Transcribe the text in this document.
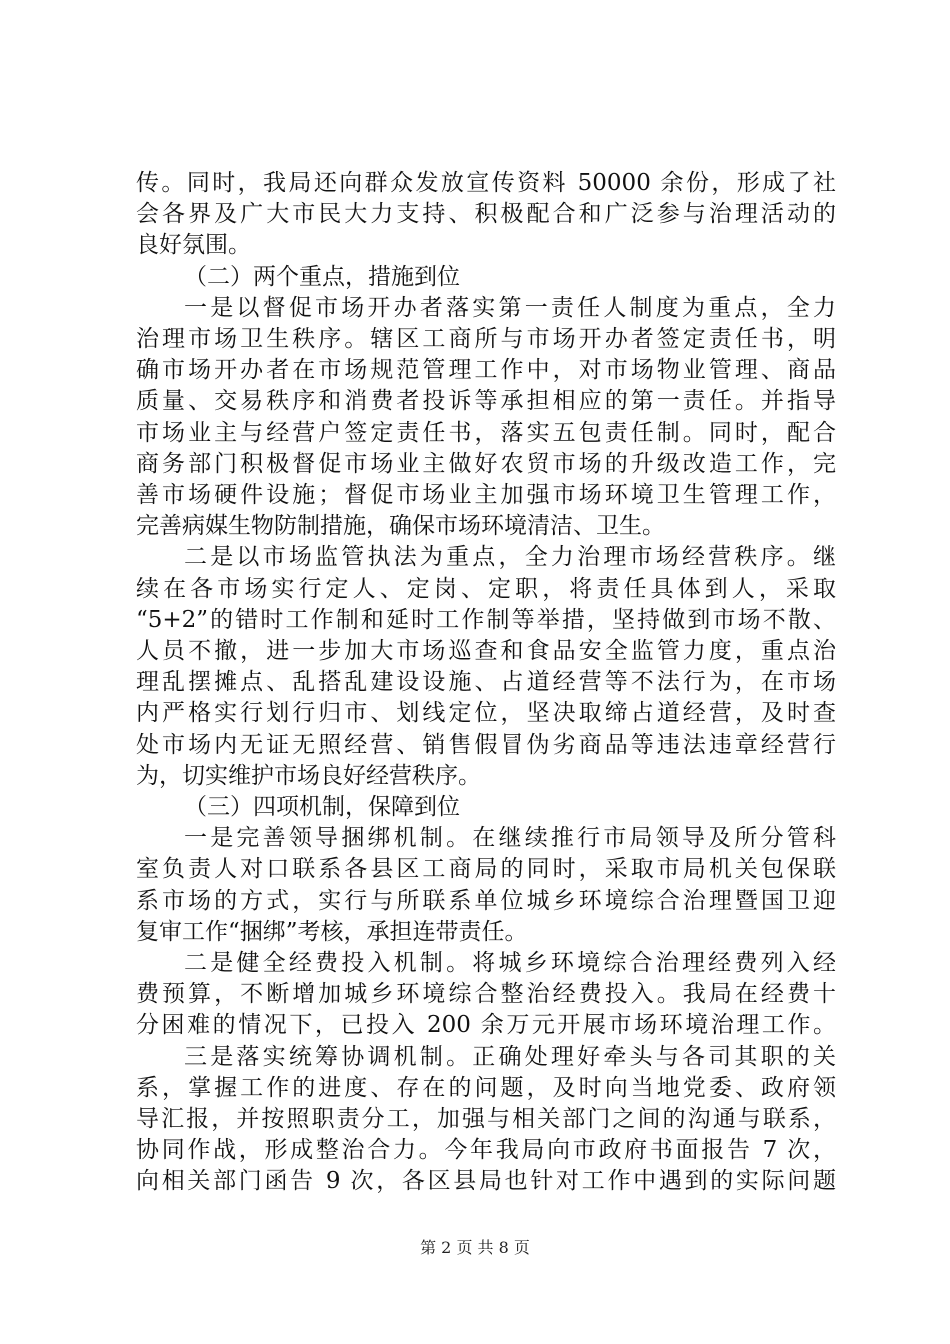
传。同时，我局还向群众发放宣传资料 50000 余份，形成了社
会各界及广大市民大力支持、积极配合和广泛参与治理活动的
良好氛围。
（二）两个重点，措施到位
一是以督促市场开办者落实第一责任人制度为重点，全力
治理市场卫生秩序。辖区工商所与市场开办者签定责任书，明
确市场开办者在市场规范管理工作中，对市场物业管理、商品
质量、交易秩序和消费者投诉等承担相应的第一责任。并指导
市场业主与经营户签定责任书，落实五包责任制。同时，配合
商务部门积极督促市场业主做好农贸市场的升级改造工作，完
善市场硬件设施；督促市场业主加强市场环境卫生管理工作，
完善病媒生物防制措施，确保市场环境清洁、卫生。
二是以市场监管执法为重点，全力治理市场经营秩序。继
续在各市场实行定人、定岗、定职，将责任具体到人，采取
“5+2”的错时工作制和延时工作制等举措，坚持做到市场不散、
人员不撤，进一步加大市场巡查和食品安全监管力度，重点治
理乱摆摊点、乱搭乱建设设施、占道经营等不法行为，在市场
内严格实行划行归市、划线定位，坚决取缔占道经营，及时查
处市场内无证无照经营、销售假冒伪劣商品等违法违章经营行
为，切实维护市场良好经营秩序。
（三）四项机制，保障到位
一是完善领导捆绑机制。在继续推行市局领导及所分管科
室负责人对口联系各县区工商局的同时，采取市局机关包保联
系市场的方式，实行与所联系单位城乡环境综合治理暨国卫迎
复审工作“捆绑”考核，承担连带责任。
二是健全经费投入机制。将城乡环境综合治理经费列入经
费预算，不断增加城乡环境综合整治经费投入。我局在经费十
分困难的情况下，已投入 200 余万元开展市场环境治理工作。
三是落实统筹协调机制。正确处理好牵头与各司其职的关
系，掌握工作的进度、存在的问题，及时向当地党委、政府领
导汇报，并按照职责分工，加强与相关部门之间的沟通与联系，
协同作战，形成整治合力。今年我局向市政府书面报告 7 次，
向相关部门函告 9 次，各区县局也针对工作中遇到的实际问题
第 2 页 共 8 页
